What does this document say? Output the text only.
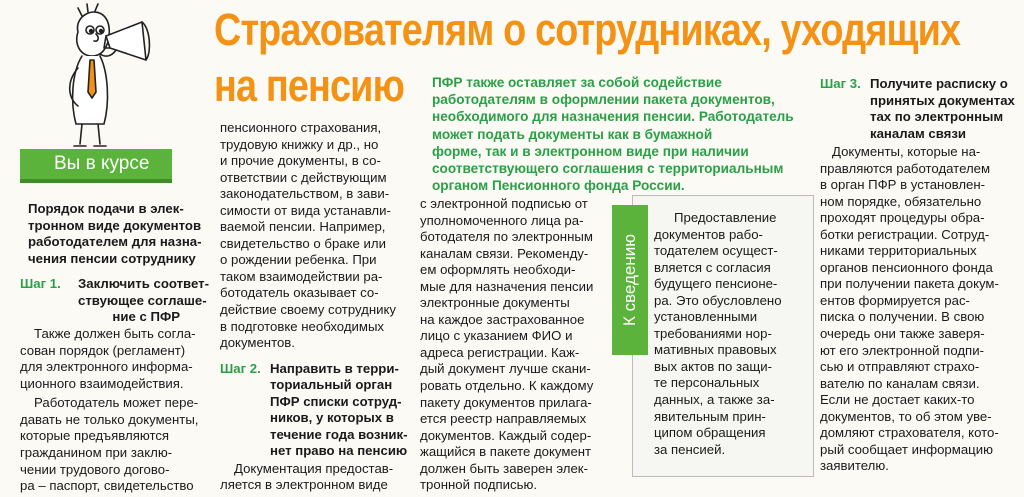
Страхователям о сотрудниках, уходящих
на пенсию	ПФР также оставляет за собой содействие
работодателям в оформлении пакета документов,
необходимого для назначения пенсии. Работодатель
может подать документы как в бумажной
форме, так и в электронном виде при наличии
соответствующего соглашения с территориальным
органом Пенсионного фонда России.
Вы в курсе
Порядок подачи в элек-
тронном виде документов
работодателем для назна-
чения пенсии сотруднику
Шаг 1. Заключить соответ-
ствующее соглаше-
ние с ПФР
Также должен быть согла-
сован порядок (регламент)
для электронного информа-
ционного взаимодействия.
Работодатель может пере-
давать не только документы,
которые предъявляются
гражданином при заклю-
чении трудового догово-
ра – паспорт, свидетельство
пенсионного страхования,
трудовую книжку и др., но
и прочие документы, в со-
ответствии с действующим
законодательством, в зави-
симости от вида устанавли-
ваемой пенсии. Например,
свидетельство о браке или
о рождении ребенка. При
таком взаимодействии ра-
ботодатель оказывает со-
действие своему сотруднику
в подготовке необходимых
документов.
Шаг 2. Направить в терри-
ториальный орган
ПФР списки сотруд-
ников, у которых в
течение года возник-
нет право на пенсию
Документация предостав-
ляется в электронном виде
с электронной подписью от
уполномоченного лица ра-
ботодателя по электронным
каналам связи. Рекоменду-
ем оформлять необходи-
мые для назначения пенсии
электронные документы
на каждое застрахованное
лицо с указанием ФИО и
адреса регистрации. Каж-
дый документ лучше скани-
ровать отдельно. К каждому
пакету документов прилага-
ется реестр направляемых
документов. Каждый содер-
жащийся в пакете документ
должен быть заверен элек-
тронной подписью.
К сведению
Предоставление
документов рабо-
тодателем осущест-
вляется с согласия
будущего пенсионе-
ра. Это обусловлено
установленными
требованиями нор-
мативных правовых
вых актов по защи-
те персональных
данных, а также за-
явительным прин-
ципом обращения
за пенсией.
Шаг 3. Получите расписку о
принятых документах
тах по электронным
каналам связи
Документы, которые на-
правляются работодателем
в орган ПФР в установлен-
ном порядке, обязательно
проходят процедуры обра-
ботки регистрации. Сотруд-
никами территориальных
органов пенсионного фонда
при получении пакета докум-
ентов формируется рас-
писка о получении. В свою
очередь они также заверя-
ют его электронной подпи-
сью и отправляют страхо-
вателю по каналам связи.
Если не достает каких-то
документов, то об этом уве-
домляют страхователя, кото-
рый сообщает информацию
заявителю.
